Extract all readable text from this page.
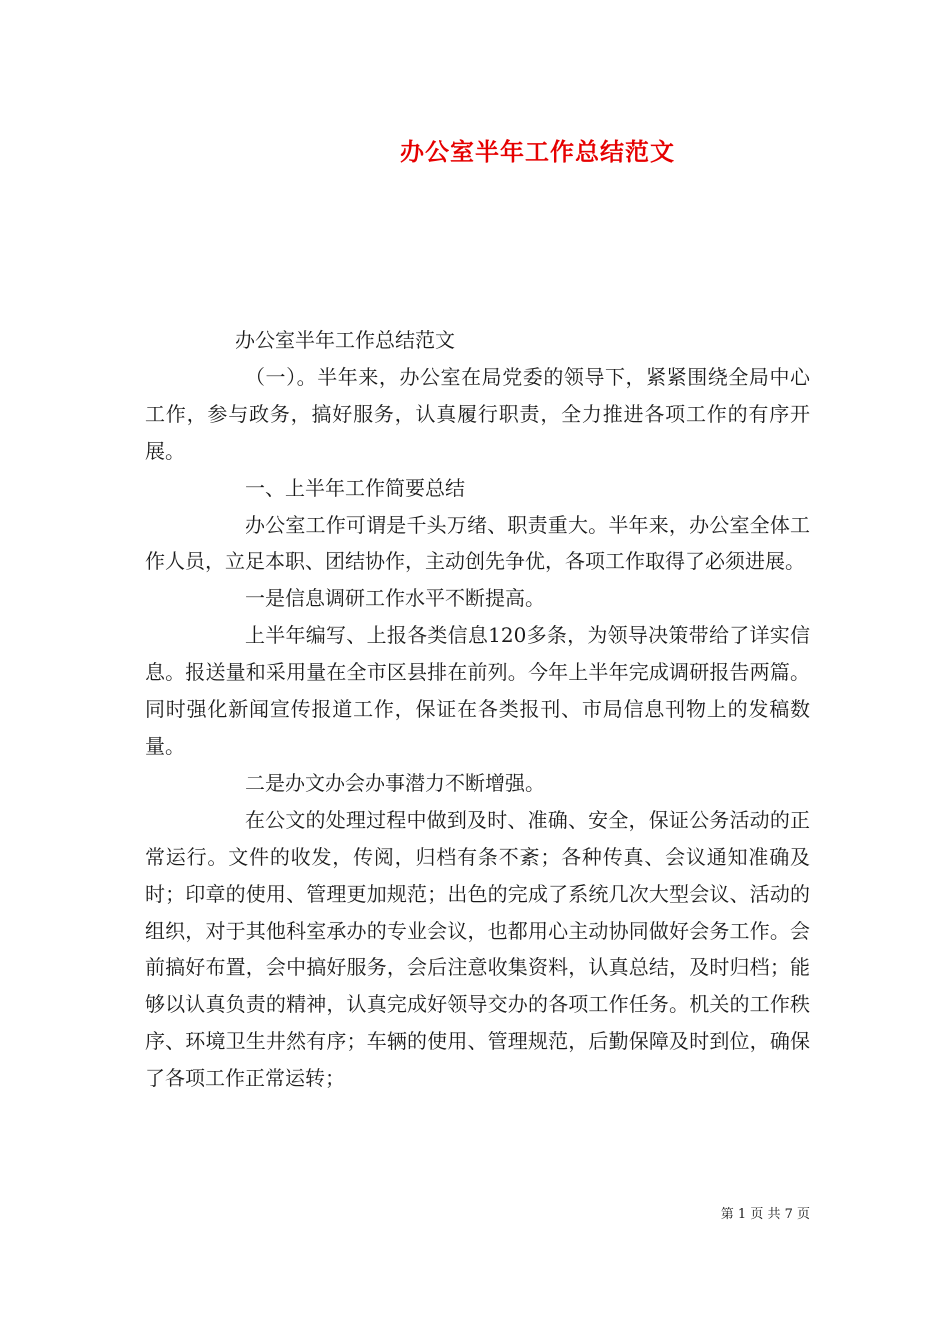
办公室半年工作总结范文

办公室半年工作总结范文

（一）。半年来，办公室在局党委的领导下，紧紧围绕全局中心工作，参与政务，搞好服务，认真履行职责，全力推进各项工作的有序开展。

一、上半年工作简要总结

办公室工作可谓是千头万绪、职责重大。半年来，办公室全体工作人员，立足本职、团结协作，主动创先争优，各项工作取得了必须进展。

一是信息调研工作水平不断提高。

上半年编写、上报各类信息120多条，为领导决策带给了详实信息。报送量和采用量在全市区县排在前列。今年上半年完成调研报告两篇。同时强化新闻宣传报道工作，保证在各类报刊、市局信息刊物上的发稿数量。

二是办文办会办事潜力不断增强。

在公文的处理过程中做到及时、准确、安全，保证公务活动的正常运行。文件的收发，传阅，归档有条不紊；各种传真、会议通知准确及时；印章的使用、管理更加规范；出色的完成了系统几次大型会议、活动的组织，对于其他科室承办的专业会议，也都用心主动协同做好会务工作。会前搞好布置，会中搞好服务，会后注意收集资料，认真总结，及时归档；能够以认真负责的精神，认真完成好领导交办的各项工作任务。机关的工作秩序、环境卫生井然有序；车辆的使用、管理规范，后勤保障及时到位，确保了各项工作正常运转；

第 1 页 共 7 页
